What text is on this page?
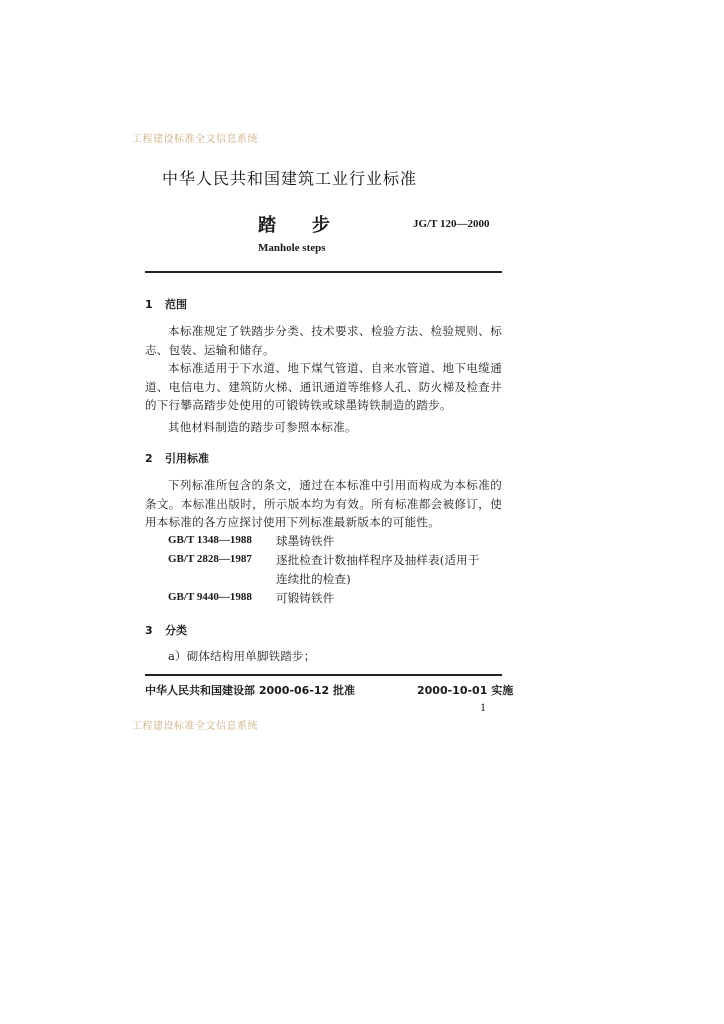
工程建设标准全文信息系统
中华人民共和国建筑工业行业标准
踏　　步	JG/T 120—2000
Manhole steps
1 范围
本标准规定了铁踏步分类、技术要求、检验方法、检验规则、标志、包装、运输和储存。
本标准适用于下水道、地下煤气管道、自来水管道、地下电缆通道、电信电力、建筑防火梯、通讯通道等维修人孔、防火梯及检查井的下行攀高踏步处使用的可锻铸铁或球墨铸铁制造的踏步。
其他材料制造的踏步可参照本标准。
2 引用标准
下列标准所包含的条文，通过在本标准中引用而构成为本标准的条文。本标准出版时，所示版本均为有效。所有标准都会被修订，使用本标准的各方应探讨使用下列标准最新版本的可能性。
GB/T 1348—1988 球墨铸铁件
GB/T 2828—1987 逐批检查计数抽样程序及抽样表(适用于
连续批的检查)
GB/T 9440—1988 可锻铸铁件
3 分类
a）砌体结构用单脚铁踏步；
中华人民共和国建设部 2000-06-12 批准	2000-10-01 实施
1
工程建设标准全文信息系统
